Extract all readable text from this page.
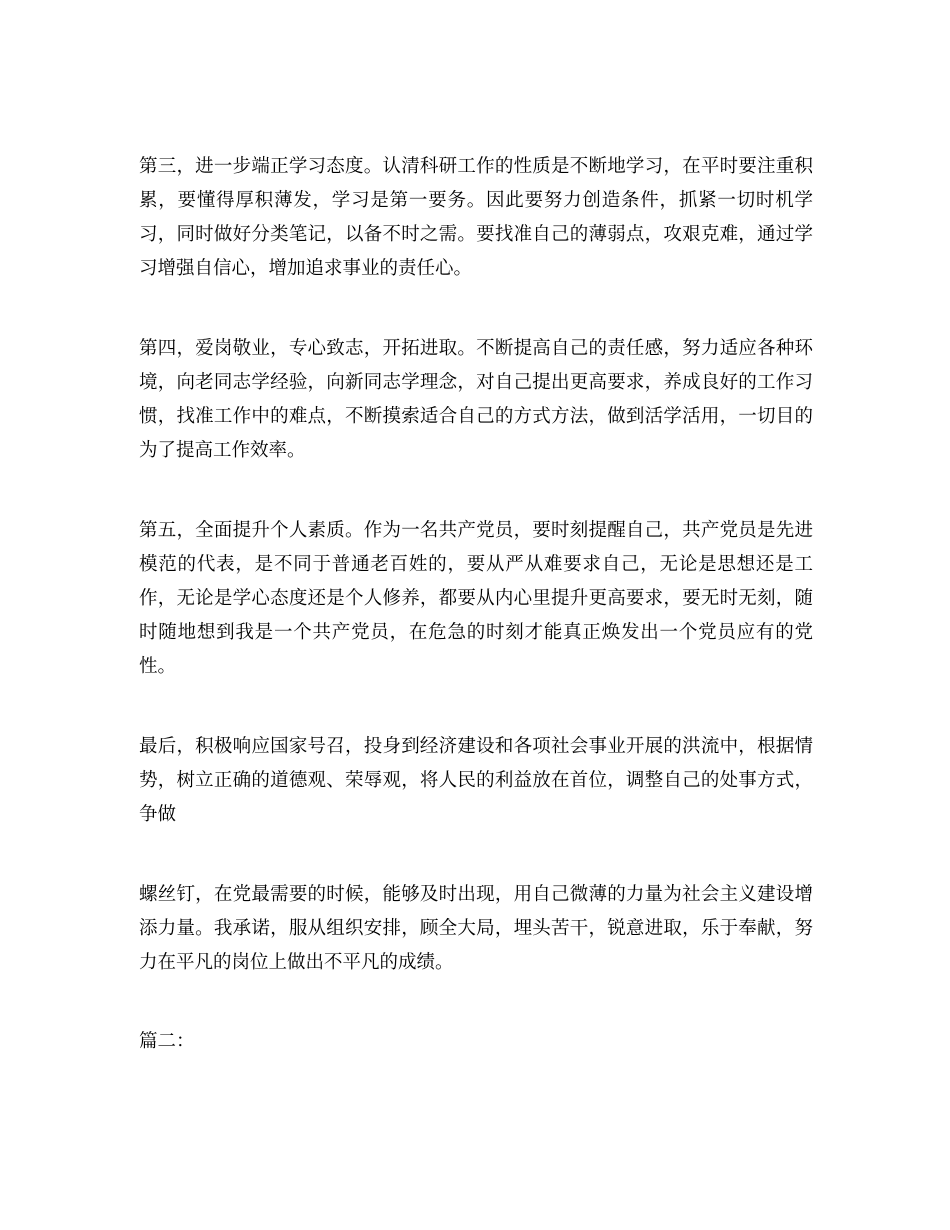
第三，进一步端正学习态度。认清科研工作的性质是不断地学习，在平时要注重积累，要懂得厚积薄发，学习是第一要务。因此要努力创造条件，抓紧一切时机学习，同时做好分类笔记，以备不时之需。要找准自己的薄弱点，攻艰克难，通过学习增强自信心，增加追求事业的责任心。

第四，爱岗敬业，专心致志，开拓进取。不断提高自己的责任感，努力适应各种环境，向老同志学经验，向新同志学理念，对自己提出更高要求，养成良好的工作习惯，找准工作中的难点，不断摸索适合自己的方式方法，做到活学活用，一切目的为了提高工作效率。

第五，全面提升个人素质。作为一名共产党员，要时刻提醒自己，共产党员是先进模范的代表，是不同于普通老百姓的，要从严从难要求自己，无论是思想还是工作，无论是学心态度还是个人修养，都要从内心里提升更高要求，要无时无刻，随时随地想到我是一个共产党员，在危急的时刻才能真正焕发出一个党员应有的党性。

最后，积极响应国家号召，投身到经济建设和各项社会事业开展的洪流中，根据情势，树立正确的道德观、荣辱观，将人民的利益放在首位，调整自己的处事方式，争做

螺丝钉，在党最需要的时候，能够及时出现，用自己微薄的力量为社会主义建设增添力量。我承诺，服从组织安排，顾全大局，埋头苦干，锐意进取，乐于奉献，努力在平凡的岗位上做出不平凡的成绩。

篇二：
